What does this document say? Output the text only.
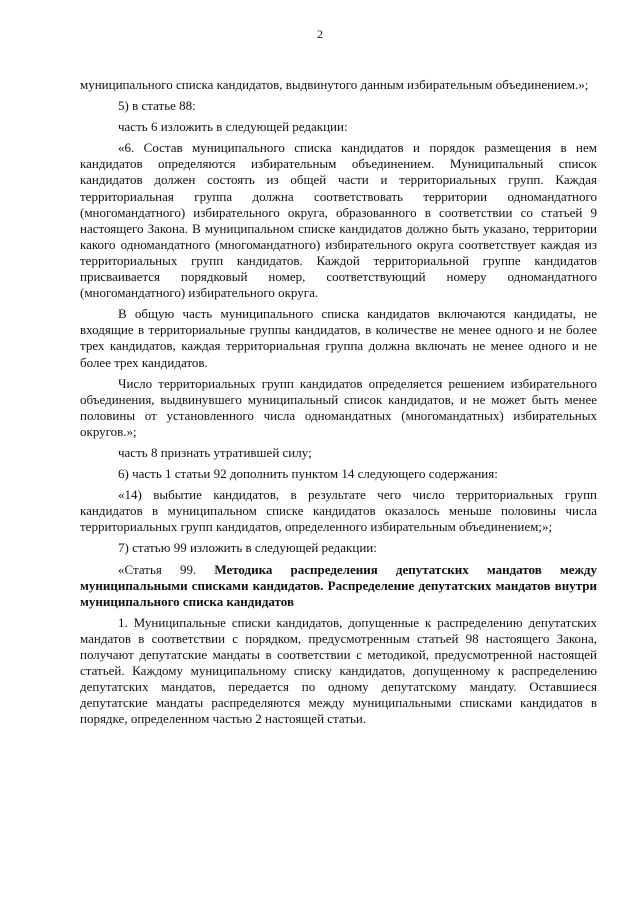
2

муниципального списка кандидатов, выдвинутого данным избирательным объединением.»;

5) в статье 88:

часть 6 изложить в следующей редакции:

«6. Состав муниципального списка кандидатов и порядок размещения в нем кандидатов определяются избирательным объединением. Муниципальный список кандидатов должен состоять из общей части и территориальных групп. Каждая территориальная группа должна соответствовать территории одномандатного (многомандатного) избирательного округа, образованного в соответствии со статьей 9 настоящего Закона. В муниципальном списке кандидатов должно быть указано, территории какого одномандатного (многомандатного) избирательного округа соответствует каждая из территориальных групп кандидатов. Каждой территориальной группе кандидатов присваивается порядковый номер, соответствующий номеру одномандатного (многомандатного) избирательного округа.

В общую часть муниципального списка кандидатов включаются кандидаты, не входящие в территориальные группы кандидатов, в количестве не менее одного и не более трех кандидатов, каждая территориальная группа должна включать не менее одного и не более трех кандидатов.

Число территориальных групп кандидатов определяется решением избирательного объединения, выдвинувшего муниципальный список кандидатов, и не может быть менее половины от установленного числа одномандатных (многомандатных) избирательных округов.»;

часть 8 признать утратившей силу;

6) часть 1 статьи 92 дополнить пунктом 14 следующего содержания:

«14) выбытие кандидатов, в результате чего число территориальных групп кандидатов в муниципальном списке кандидатов оказалось меньше половины числа территориальных групп кандидатов, определенного избирательным объединением;»;

7) статью 99 изложить в следующей редакции:

«Статья 99. Методика распределения депутатских мандатов между муниципальными списками кандидатов. Распределение депутатских мандатов внутри муниципального списка кандидатов

1. Муниципальные списки кандидатов, допущенные к распределению депутатских мандатов в соответствии с порядком, предусмотренным статьей 98 настоящего Закона, получают депутатские мандаты в соответствии с методикой, предусмотренной настоящей статьей. Каждому муниципальному списку кандидатов, допущенному к распределению депутатских мандатов, передается по одному депутатскому мандату. Оставшиеся депутатские мандаты распределяются между муниципальными списками кандидатов в порядке, определенном частью 2 настоящей статьи.
